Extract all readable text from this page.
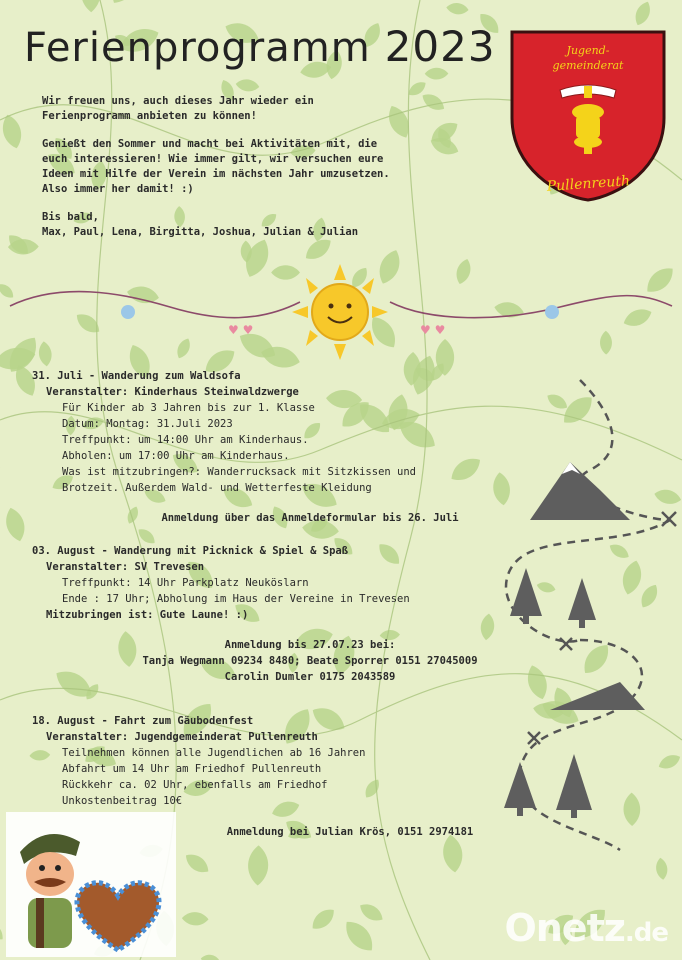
Ferienprogramm 2023

Wir freuen uns, auch dieses Jahr wieder ein Ferienprogramm anbieten zu können!

Genießt den Sommer und macht bei Aktivitäten mit, die euch interessieren! Wie immer gilt, wir versuchen eure Ideen mit Hilfe der Verein im nächsten Jahr umzusetzen. Also immer her damit! :)

Bis bald,

Max, Paul, Lena, Birgitta, Joshua, Julian & Julian

Jugend-
gemeinderat
Pullenreuth
♥ ♥	♥ ♥
31. Juli - Wanderung zum Waldsofa
Veranstalter: Kinderhaus Steinwaldzwerge
Für Kinder ab 3 Jahren bis zur 1. Klasse
Datum: Montag: 31.Juli 2023
Treffpunkt: um 14:00 Uhr am Kinderhaus.
Abholen: um 17:00 Uhr am Kinderhaus.
Was ist mitzubringen?: Wanderrucksack mit Sitzkissen und
Brotzeit. Außerdem Wald- und Wetterfeste Kleidung
Anmeldung über das Anmeldeformular bis 26. Juli
03. August - Wanderung mit Picknick & Spiel & Spaß
Veranstalter: SV Trevesen
Treffpunkt: 14 Uhr Parkplatz Neuköslarn
Ende : 17 Uhr; Abholung im Haus der Vereine in Trevesen
Mitzubringen ist: Gute Laune! :)
Anmeldung bis 27.07.23 bei:
Tanja Wegmann 09234 8480; Beate Sporrer 0151 27045009
Carolin Dumler 0175 2043589
18. August - Fahrt zum Gäubodenfest
Veranstalter: Jugendgemeinderat Pullenreuth
Teilnehmen können alle Jugendlichen ab 16 Jahren
Abfahrt um 14 Uhr am Friedhof Pullenreuth
Rückkehr ca. 02 Uhr, ebenfalls am Friedhof
Unkostenbeitrag 10€
Anmeldung bei Julian Krös, 0151 2974181
Onetz.de
